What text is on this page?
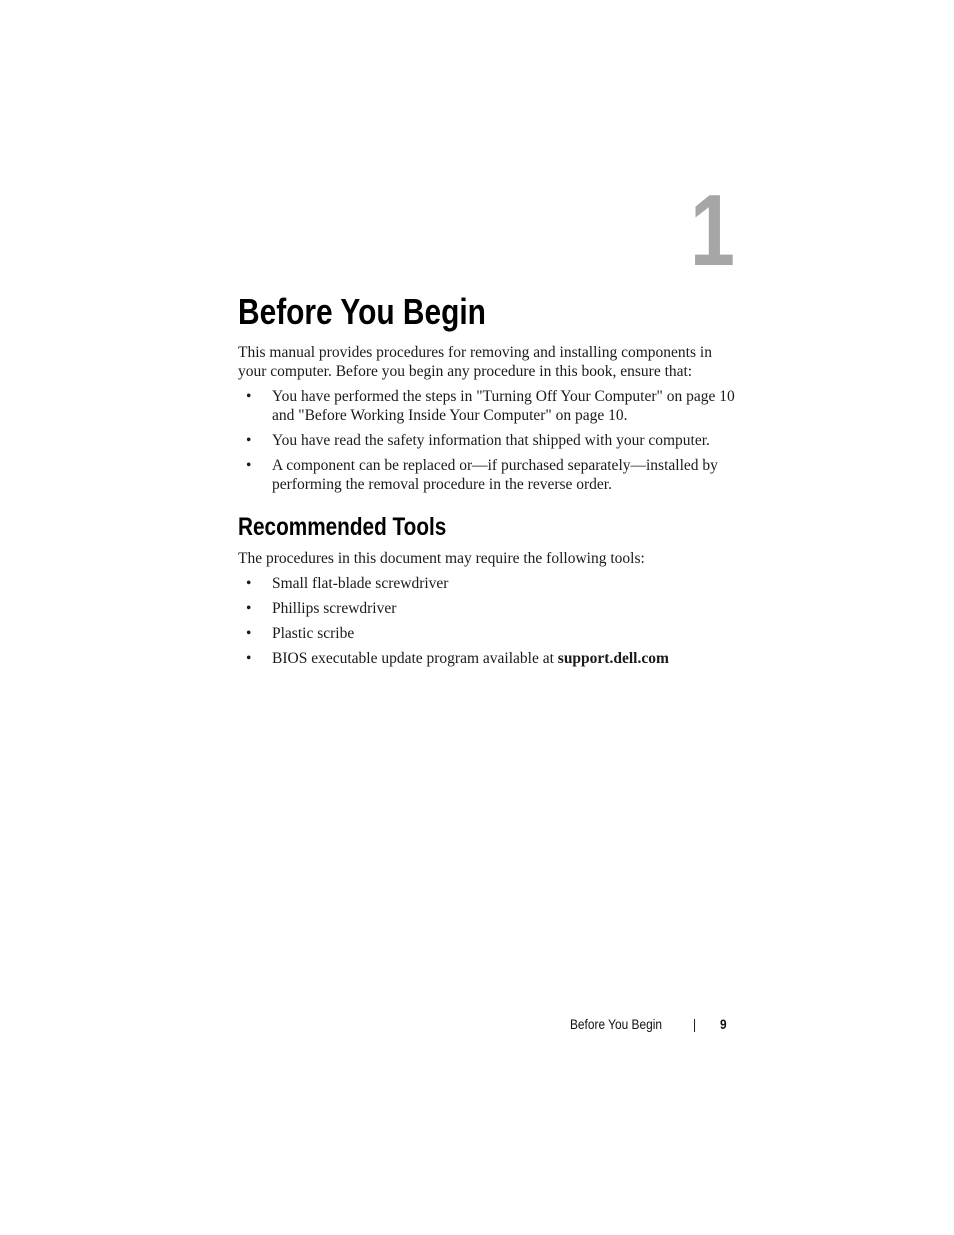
1
Before You Begin

This manual provides procedures for removing and installing components in your computer. Before you begin any procedure in this book, ensure that:

• You have performed the steps in "Turning Off Your Computer" on page 10 and "Before Working Inside Your Computer" on page 10.
• You have read the safety information that shipped with your computer.
• A component can be replaced or—if purchased separately—installed by performing the removal procedure in the reverse order.
Recommended Tools

The procedures in this document may require the following tools:

• Small flat-blade screwdriver
• Phillips screwdriver
• Plastic scribe
• BIOS executable update program available at support.dell.com
Before You Begin | 9
